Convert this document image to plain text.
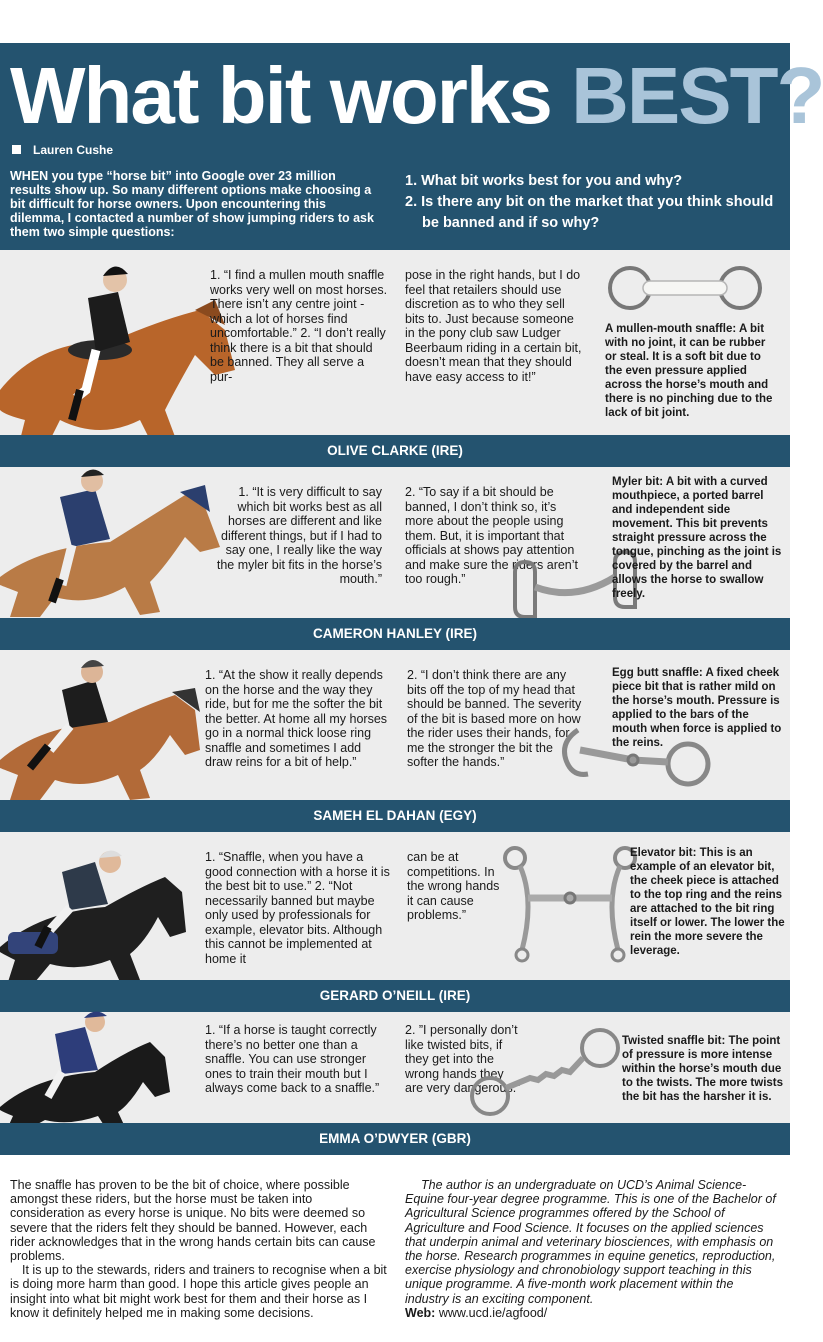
What bit works BEST?
Lauren Cushe
WHEN you type “horse bit” into Google over 23 million results show up. So many different options make choosing a bit difficult for horse owners. Upon encountering this dilemma, I contacted a number of show jumping riders to ask them two simple questions:
1. What bit works best for you and why?
2. Is there any bit on the market that you think should be banned and if so why?
1. “I find a mullen mouth snaffle works very well on most horses. There isn’t any centre joint - which a lot of horses find uncomfortable.” 2. “I don’t really think there is a bit that should be banned. They all serve a pur-
pose in the right hands, but I do feel that retailers should use discretion as to who they sell bits to. Just because someone in the pony club saw Ludger Beerbaum riding in a certain bit, doesn’t mean that they should have easy access to it!”
A mullen-mouth snaffle: A bit with no joint, it can be rubber or steal. It is a soft bit due to the even pressure applied across the horse’s mouth and there is no pinching due to the lack of bit joint.
OLIVE CLARKE (IRE)
1. “It is very difficult to say which bit works best as all horses are different and like different things, but if I had to say one, I really like the way the myler bit fits in the horse’s mouth.”
2. “To say if a bit should be banned, I don’t think so, it’s more about the people using them. But, it is important that officials at shows pay attention and make sure the riders aren’t too rough.”
Myler bit: A bit with a curved mouthpiece, a ported barrel and independent side movement. This bit prevents straight pressure across the tongue, pinching as the joint is covered by the barrel and allows the horse to swallow freely.
CAMERON HANLEY (IRE)
1. “At the show it really depends on the horse and the way they ride, but for me the softer the bit the better. At home all my horses go in a normal thick loose ring snaffle and sometimes I add draw reins for a bit of help.”
2. “I don’t think there are any bits off the top of my head that should be banned. The severity of the bit is based more on how the rider uses their hands, for me the stronger the bit the softer the hands.”
Egg butt snaffle: A fixed cheek piece bit that is rather mild on the horse’s mouth. Pressure is applied to the bars of the mouth when force is applied to the reins.
SAMEH EL DAHAN (EGY)
1. “Snaffle, when you have a good connection with a horse it is the best bit to use.” 2. “Not necessarily banned but maybe only used by professionals for example, elevator bits. Although this cannot be implemented at home it
can be at competitions. In the wrong hands it can cause problems.”
Elevator bit: This is an example of an elevator bit, the cheek piece is attached to the top ring and the reins are attached to the bit ring itself or lower. The lower the rein the more severe the leverage.
GERARD O’NEILL (IRE)
1. “If a horse is taught correctly there’s no better one than a snaffle. You can use stronger ones to train their mouth but I always come back to a snaffle.”
2. ”I personally don’t like twisted bits, if they get into the wrong hands they are very dangerous.”
Twisted snaffle bit: The point of pressure is more intense within the horse’s mouth due to the twists. The more twists the bit has the harsher it is.
EMMA O’DWYER (GBR)

The snaffle has proven to be the bit of choice, where possible amongst these riders, but the horse must be taken into consideration as every horse is unique. No bits were deemed so severe that the riders felt they should be banned. However, each rider acknowledges that in the wrong hands certain bits can cause problems.

It is up to the stewards, riders and trainers to recognise when a bit is doing more harm than good. I hope this article gives people an insight into what bit might work best for them and their horse as I know it definitely helped me in making some decisions.

The author is an undergraduate on UCD’s Animal Science-Equine four-year degree programme. This is one of the Bachelor of Agricultural Science programmes offered by the School of Agriculture and Food Science. It focuses on the applied sciences that underpin animal and veterinary biosciences, with emphasis on the horse. Research programmes in equine genetics, reproduction, exercise physiology and chronobiology support teaching in this unique programme. A five-month work placement within the industry is an exciting component.
Web: www.ucd.ie/agfood/
